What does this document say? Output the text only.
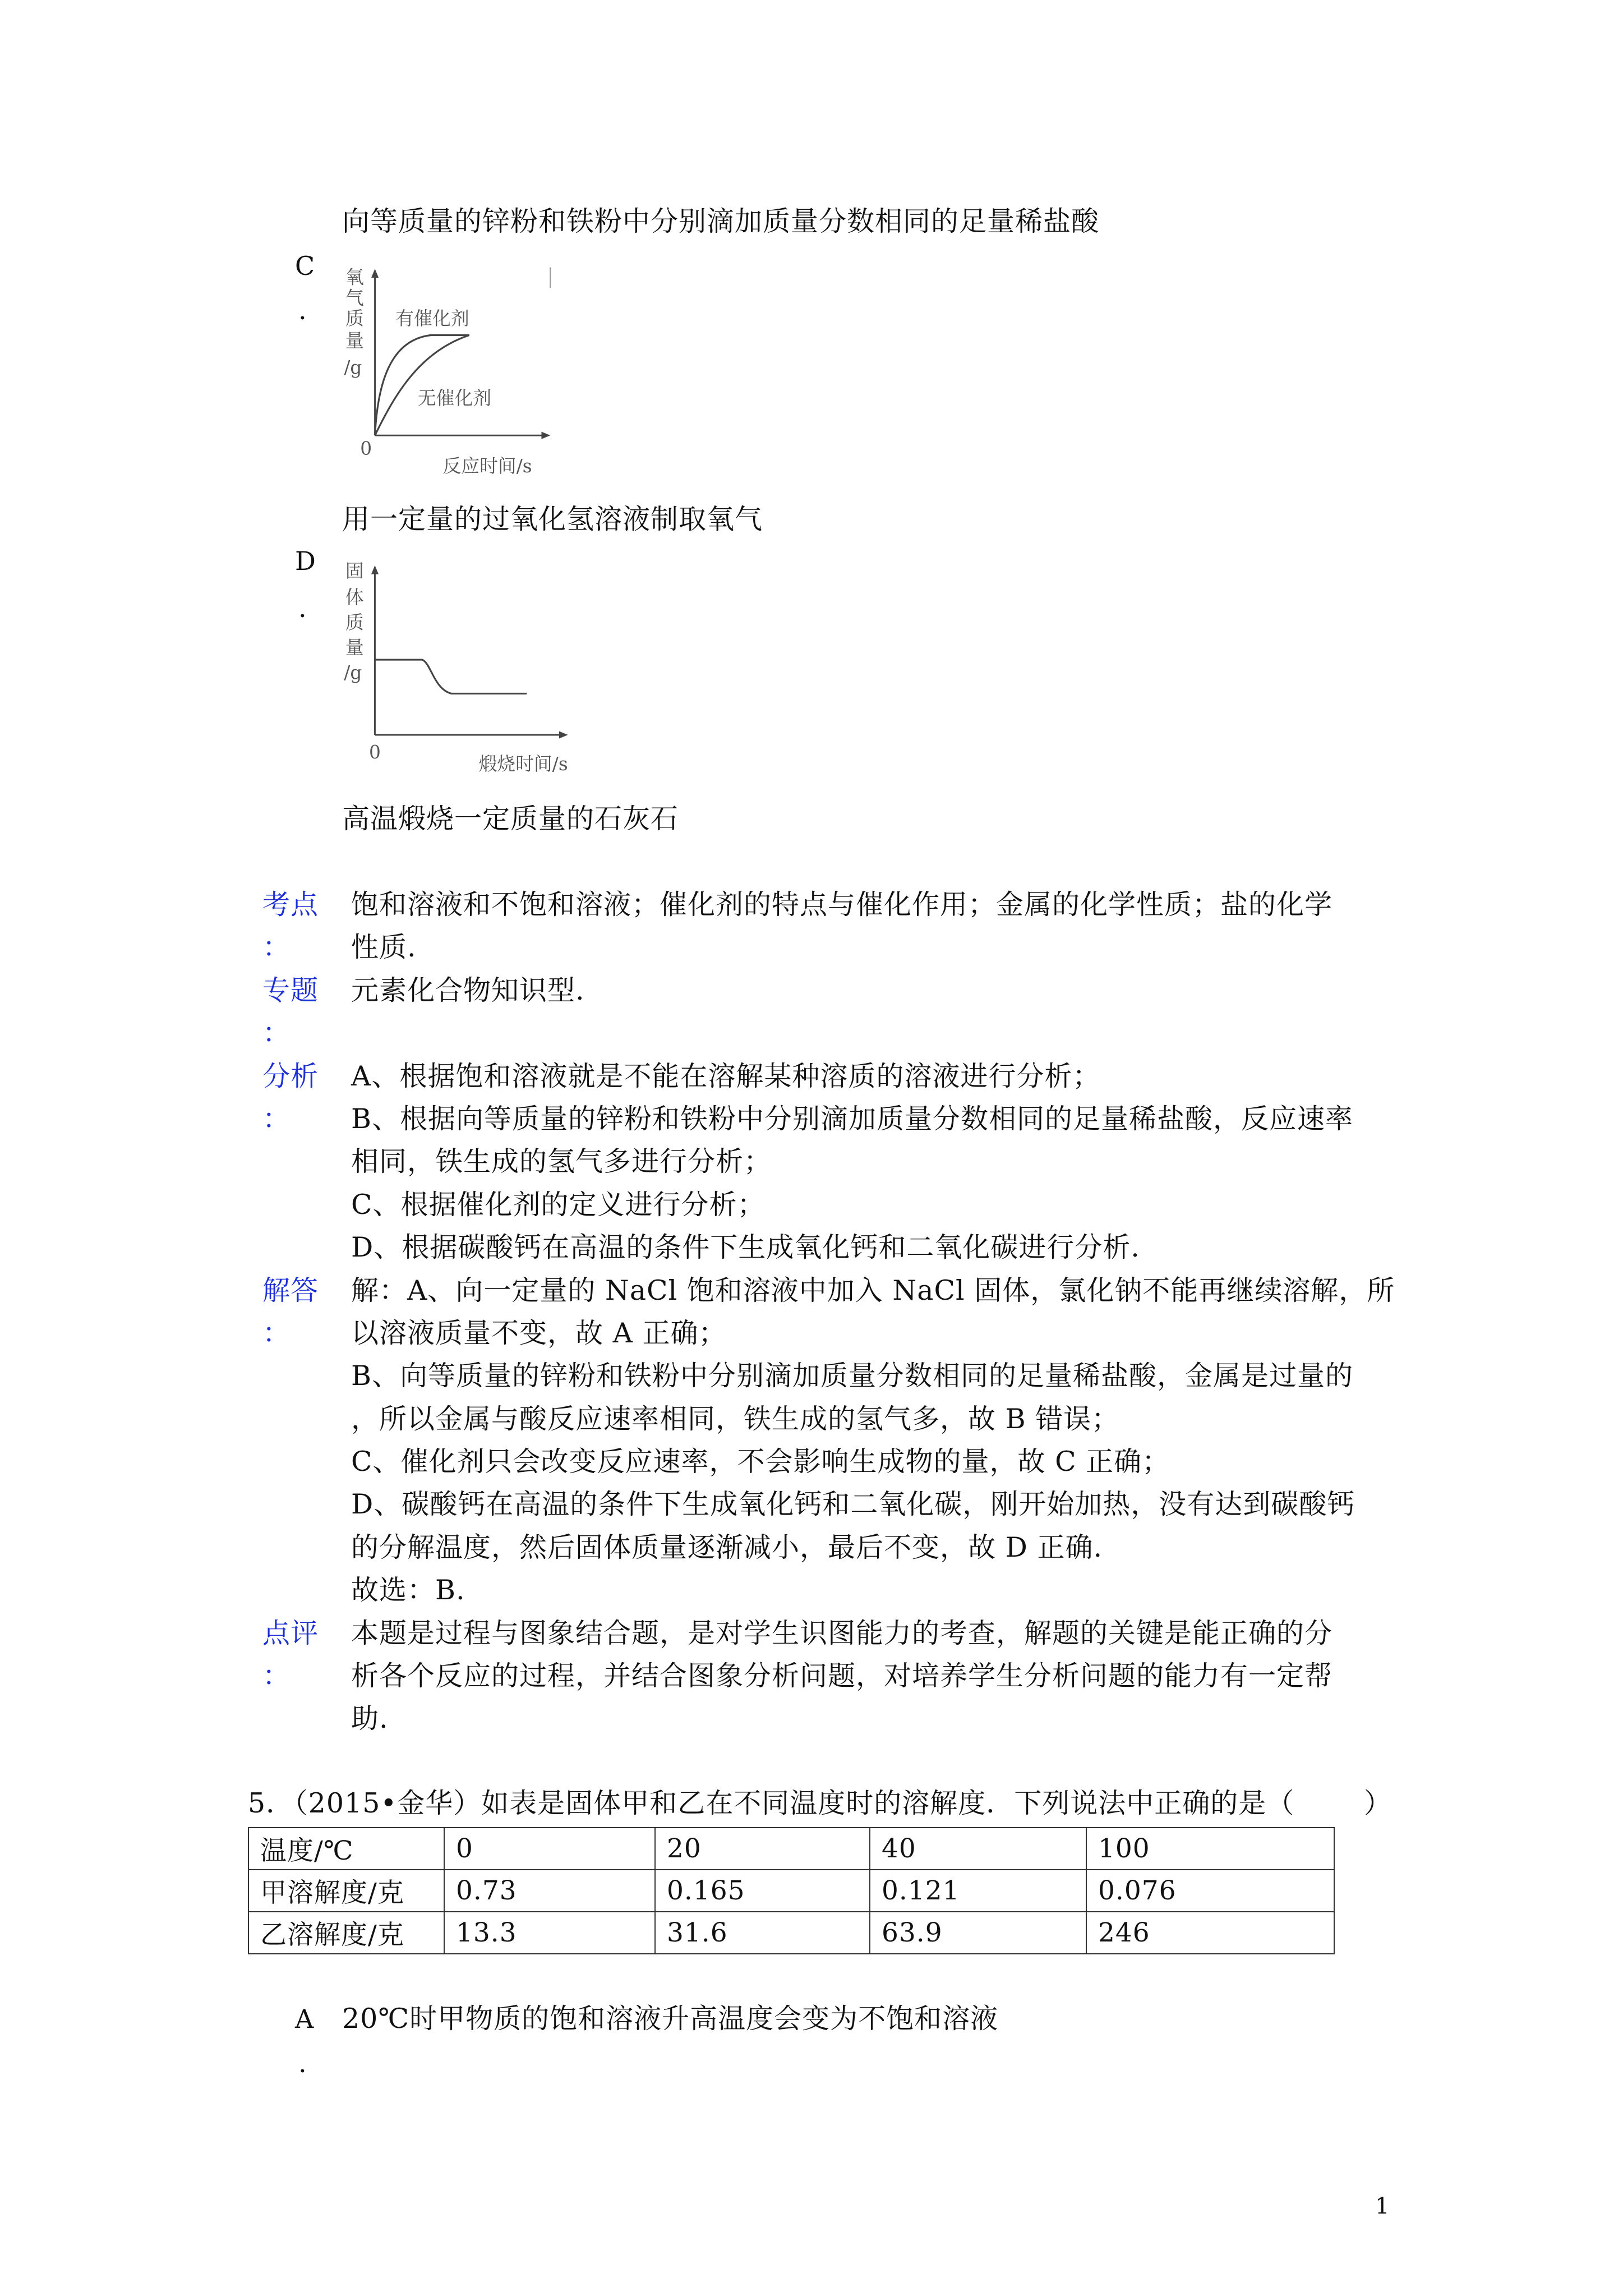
向等质量的锌粉和铁粉中分别滴加质量分数相同的足量稀盐酸
C
.
氧
气
质
量
/g
有催化剂
无催化剂
0
反应时间/s
用一定量的过氧化氢溶液制取氧气
D
.
固
体
质
量
/g
0
煅烧时间/s
高温煅烧一定质量的石灰石
考点
：
饱和溶液和不饱和溶液；催化剂的特点与催化作用；金属的化学性质；盐的化学
性质.
专题
：
元素化合物知识型.
分析
：
A、根据饱和溶液就是不能在溶解某种溶质的溶液进行分析；
B、根据向等质量的锌粉和铁粉中分别滴加质量分数相同的足量稀盐酸，反应速率
相同，铁生成的氢气多进行分析；
C、根据催化剂的定义进行分析；
D、根据碳酸钙在高温的条件下生成氧化钙和二氧化碳进行分析.
解答
：
解：A、向一定量的 NaCl 饱和溶液中加入 NaCl 固体，氯化钠不能再继续溶解，所
以溶液质量不变，故 A 正确；
B、向等质量的锌粉和铁粉中分别滴加质量分数相同的足量稀盐酸，金属是过量的
，所以金属与酸反应速率相同，铁生成的氢气多，故 B 错误；
C、催化剂只会改变反应速率，不会影响生成物的量，故 C 正确；
D、碳酸钙在高温的条件下生成氧化钙和二氧化碳，刚开始加热，没有达到碳酸钙
的分解温度，然后固体质量逐渐减小，最后不变，故 D 正确.
故选：B.
点评
：
本题是过程与图象结合题，是对学生识图能力的考查，解题的关键是能正确的分
析各个反应的过程，并结合图象分析问题，对培养学生分析问题的能力有一定帮
助.
5．（2015•金华）如表是固体甲和乙在不同温度时的溶解度．下列说法中正确的是（	）
温度/℃	0	20	40	100
甲溶解度/克	0.73	0.165	0.121	0.076
乙溶解度/克	13.3	31.6	63.9	246
A 20℃时甲物质的饱和溶液升高温度会变为不饱和溶液
.
1
